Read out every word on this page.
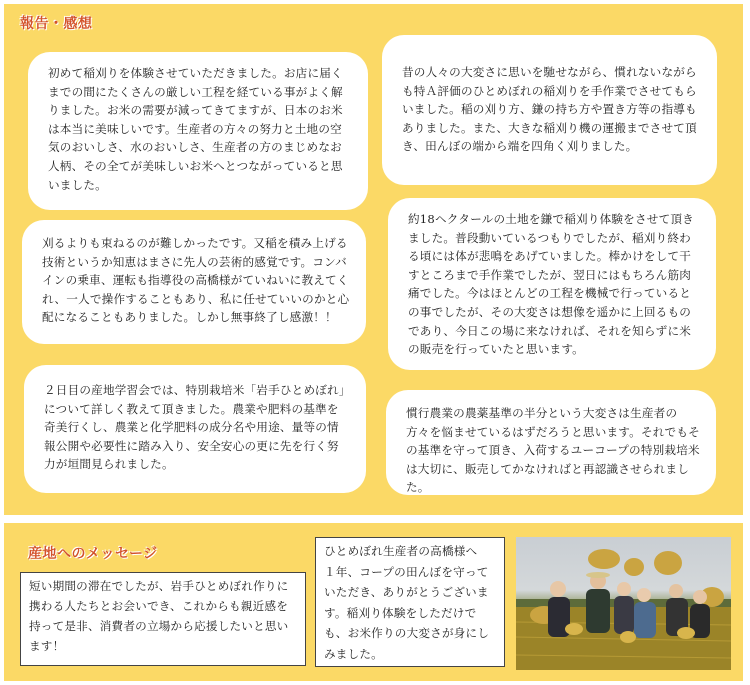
報告・感想
初めて稲刈りを体験させていただきました。お店に届くまでの間にたくさんの厳しい工程を経ている事がよく解りました。お米の需要が減ってきてますが、日本のお米は本当に美味しいです。生産者の方々の努力と土地の空気のおいしさ、水のおいしさ、生産者の方のまじめなお人柄、その全てが美味しいお米へとつながっていると思いました。
昔の人々の大変さに思いを馳せながら、慣れないながらも特Ａ評価のひとめぼれの稲刈りを手作業でさせてもらいました。稲の刈り方、鎌の持ち方や置き方等の指導もありました。また、大きな稲刈り機の運搬までさせて頂き、田んぼの端から端を四角く刈りました。
刈るよりも束ねるのが難しかったです。又稲を積み上げる技術というか知恵はまさに先人の芸術的感覚です。コンバインの乗車、運転も指導役の高橋様がていねいに教えてくれ、一人で操作することもあり、私に任せていいのかと心配になることもありました。しかし無事終了し感激！！
約18ヘクタールの土地を鎌で稲刈り体験をさせて頂きました。普段動いているつもりでしたが、稲刈り終わる頃には体が悲鳴をあげていました。棒かけをして干すところまで手作業でしたが、翌日にはもちろん筋肉痛でした。今はほとんどの工程を機械で行っているとの事でしたが、その大変さは想像を遥かに上回るものであり、今日この場に来なければ、それを知らずに米の販売を行っていたと思います。
２日目の産地学習会では、特別栽培米「岩手ひとめぼれ」について詳しく教えて頂きました。農業や肥料の基準を奇美行くし、農業と化学肥料の成分名や用途、量等の情報公開や必要性に踏み入り、安全安心の更に先を行く努力が垣間見られました。
慣行農業の農薬基準の半分という大変さは生産者の方々を悩ませているはずだろうと思います。それでもその基準を守って頂き、入荷するユーコープの特別栽培米は大切に、販売してかなければと再認識させられました。
産地へのメッセージ
短い期間の滞在でしたが、岩手ひとめぼれ作りに携わる人たちとお会いでき、これからも親近感を持って是非、消費者の立場から応援したいと思います！
ひとめぼれ生産者の高橋様へ　１年、コープの田んぼを守っていただき、ありがとうございます。稲刈り体験をしただけでも、お米作りの大変さが身にしみました。
